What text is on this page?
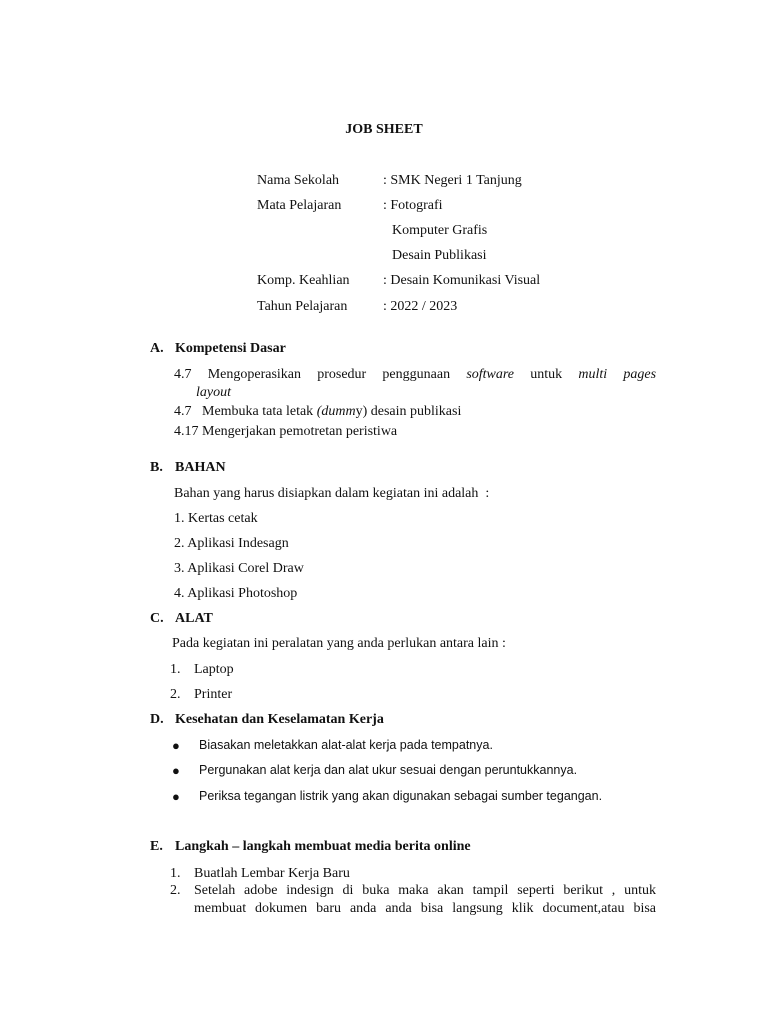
JOB SHEET
Nama Sekolah	: SMK Negeri 1 Tanjung
Mata Pelajaran	: Fotografi
Komputer Grafis
Desain Publikasi
Komp. Keahlian : Desain Komunikasi Visual
Tahun Pelajaran	: 2022 / 2023
A. Kompetensi Dasar
4.7 Mengoperasikan prosedur penggunaan software untuk multi pages
layout
4.7   Membuka tata letak (dummy) desain publikasi
4.17 Mengerjakan pemotretan peristiwa
B. BAHAN
Bahan yang harus disiapkan dalam kegiatan ini adalah  :
1. Kertas cetak
2. Aplikasi Indesagn
3. Aplikasi Corel Draw
4. Aplikasi Photoshop
C. ALAT
Pada kegiatan ini peralatan yang anda perlukan antara lain :
1. Laptop
2. Printer
D. Kesehatan dan Keselamatan Kerja
● Biasakan meletakkan alat-alat kerja pada tempatnya.
● Pergunakan alat kerja dan alat ukur sesuai dengan peruntukkannya.
● Periksa tegangan listrik yang akan digunakan sebagai sumber tegangan.
E. Langkah – langkah membuat media berita online
1. Buatlah Lembar Kerja Baru
2. Setelah adobe indesign di buka maka akan tampil seperti berikut , untuk
membuat dokumen baru anda anda bisa langsung klik document,atau bisa
